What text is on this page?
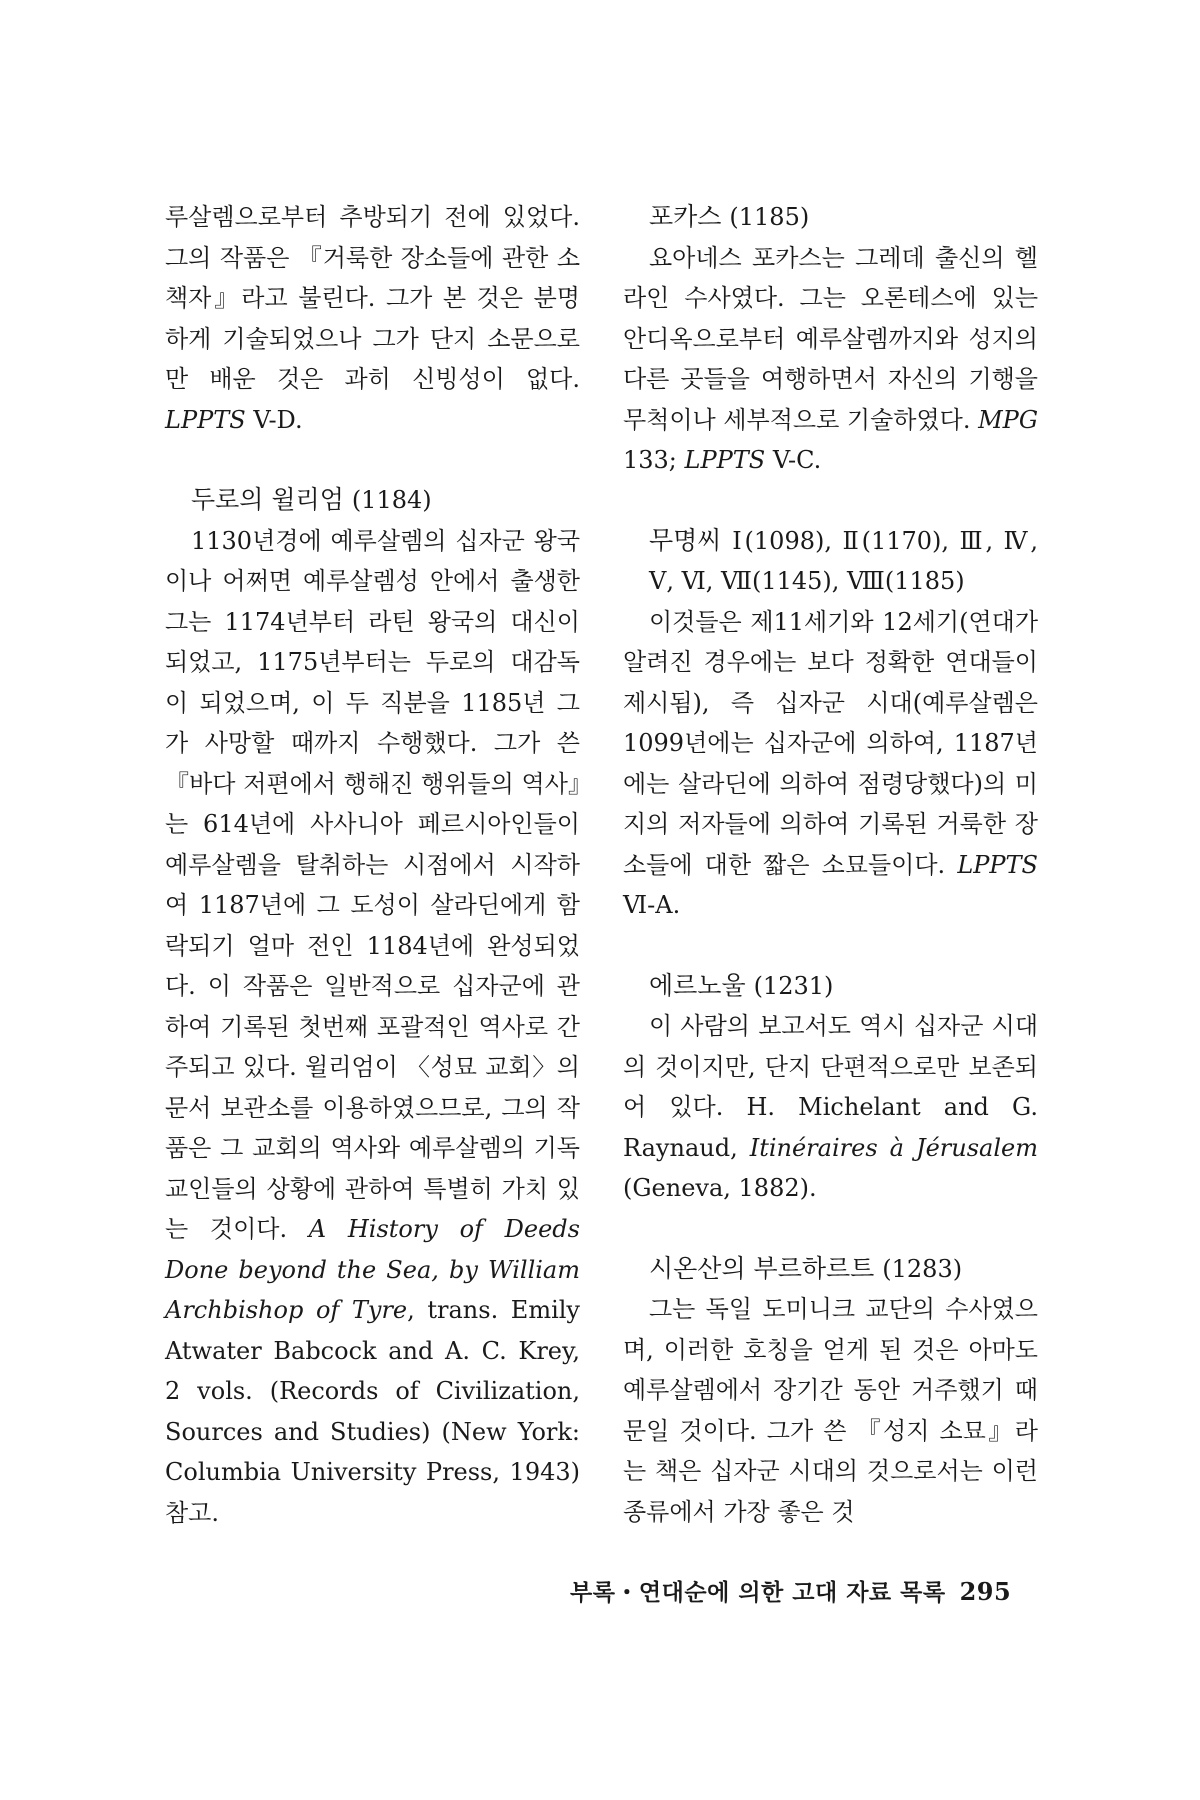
루살렘으로부터 추방되기 전에 있었다. 그의 작품은 『거룩한 장소들에 관한 소책자』라고 불린다. 그가 본 것은 분명하게 기술되었으나 그가 단지 소문으로만 배운 것은 과히 신빙성이 없다. LPPTS V-D.

두로의 윌리엄 (1184)

1130년경에 예루살렘의 십자군 왕국이나 어쩌면 예루살렘성 안에서 출생한 그는 1174년부터 라틴 왕국의 대신이 되었고, 1175년부터는 두로의 대감독이 되었으며, 이 두 직분을 1185년 그가 사망할 때까지 수행했다. 그가 쓴 『바다 저편에서 행해진 행위들의 역사』는 614년에 사사니아 페르시아인들이 예루살렘을 탈취하는 시점에서 시작하여 1187년에 그 도성이 살라딘에게 함락되기 얼마 전인 1184년에 완성되었다. 이 작품은 일반적으로 십자군에 관하여 기록된 첫번째 포괄적인 역사로 간주되고 있다. 윌리엄이 〈성묘 교회〉의 문서 보관소를 이용하였으므로, 그의 작품은 그 교회의 역사와 예루살렘의 기독교인들의 상황에 관하여 특별히 가치 있는 것이다. A History of Deeds Done beyond the Sea, by William Archbishop of Tyre, trans. Emily Atwater Babcock and A. C. Krey, 2 vols. (Records of Civilization, Sources and Studies) (New York: Columbia University Press, 1943) 참고.

포카스 (1185)

요아네스 포카스는 그레데 출신의 헬라인 수사였다. 그는 오론테스에 있는 안디옥으로부터 예루살렘까지와 성지의 다른 곳들을 여행하면서 자신의 기행을 무척이나 세부적으로 기술하였다. MPG 133; LPPTS V-C.

무명씨 Ⅰ(1098), Ⅱ(1170), Ⅲ, Ⅳ, Ⅴ, Ⅵ, Ⅶ(1145), Ⅷ(1185)

이것들은 제11세기와 12세기(연대가 알려진 경우에는 보다 정확한 연대들이 제시됨), 즉 십자군 시대(예루살렘은 1099년에는 십자군에 의하여, 1187년에는 살라딘에 의하여 점령당했다)의 미지의 저자들에 의하여 기록된 거룩한 장소들에 대한 짧은 소묘들이다. LPPTS Ⅵ-A.

에르노울 (1231)

이 사람의 보고서도 역시 십자군 시대의 것이지만, 단지 단편적으로만 보존되어 있다. H. Michelant and G. Raynaud, Itinéraires à Jérusalem (Geneva, 1882).

시온산의 부르하르트 (1283)

그는 독일 도미니크 교단의 수사였으며, 이러한 호칭을 얻게 된 것은 아마도 예루살렘에서 장기간 동안 거주했기 때문일 것이다. 그가 쓴 『성지 소묘』라는 책은 십자군 시대의 것으로서는 이런 종류에서 가장 좋은 것

부록・연대순에 의한 고대 자료 목록 295
